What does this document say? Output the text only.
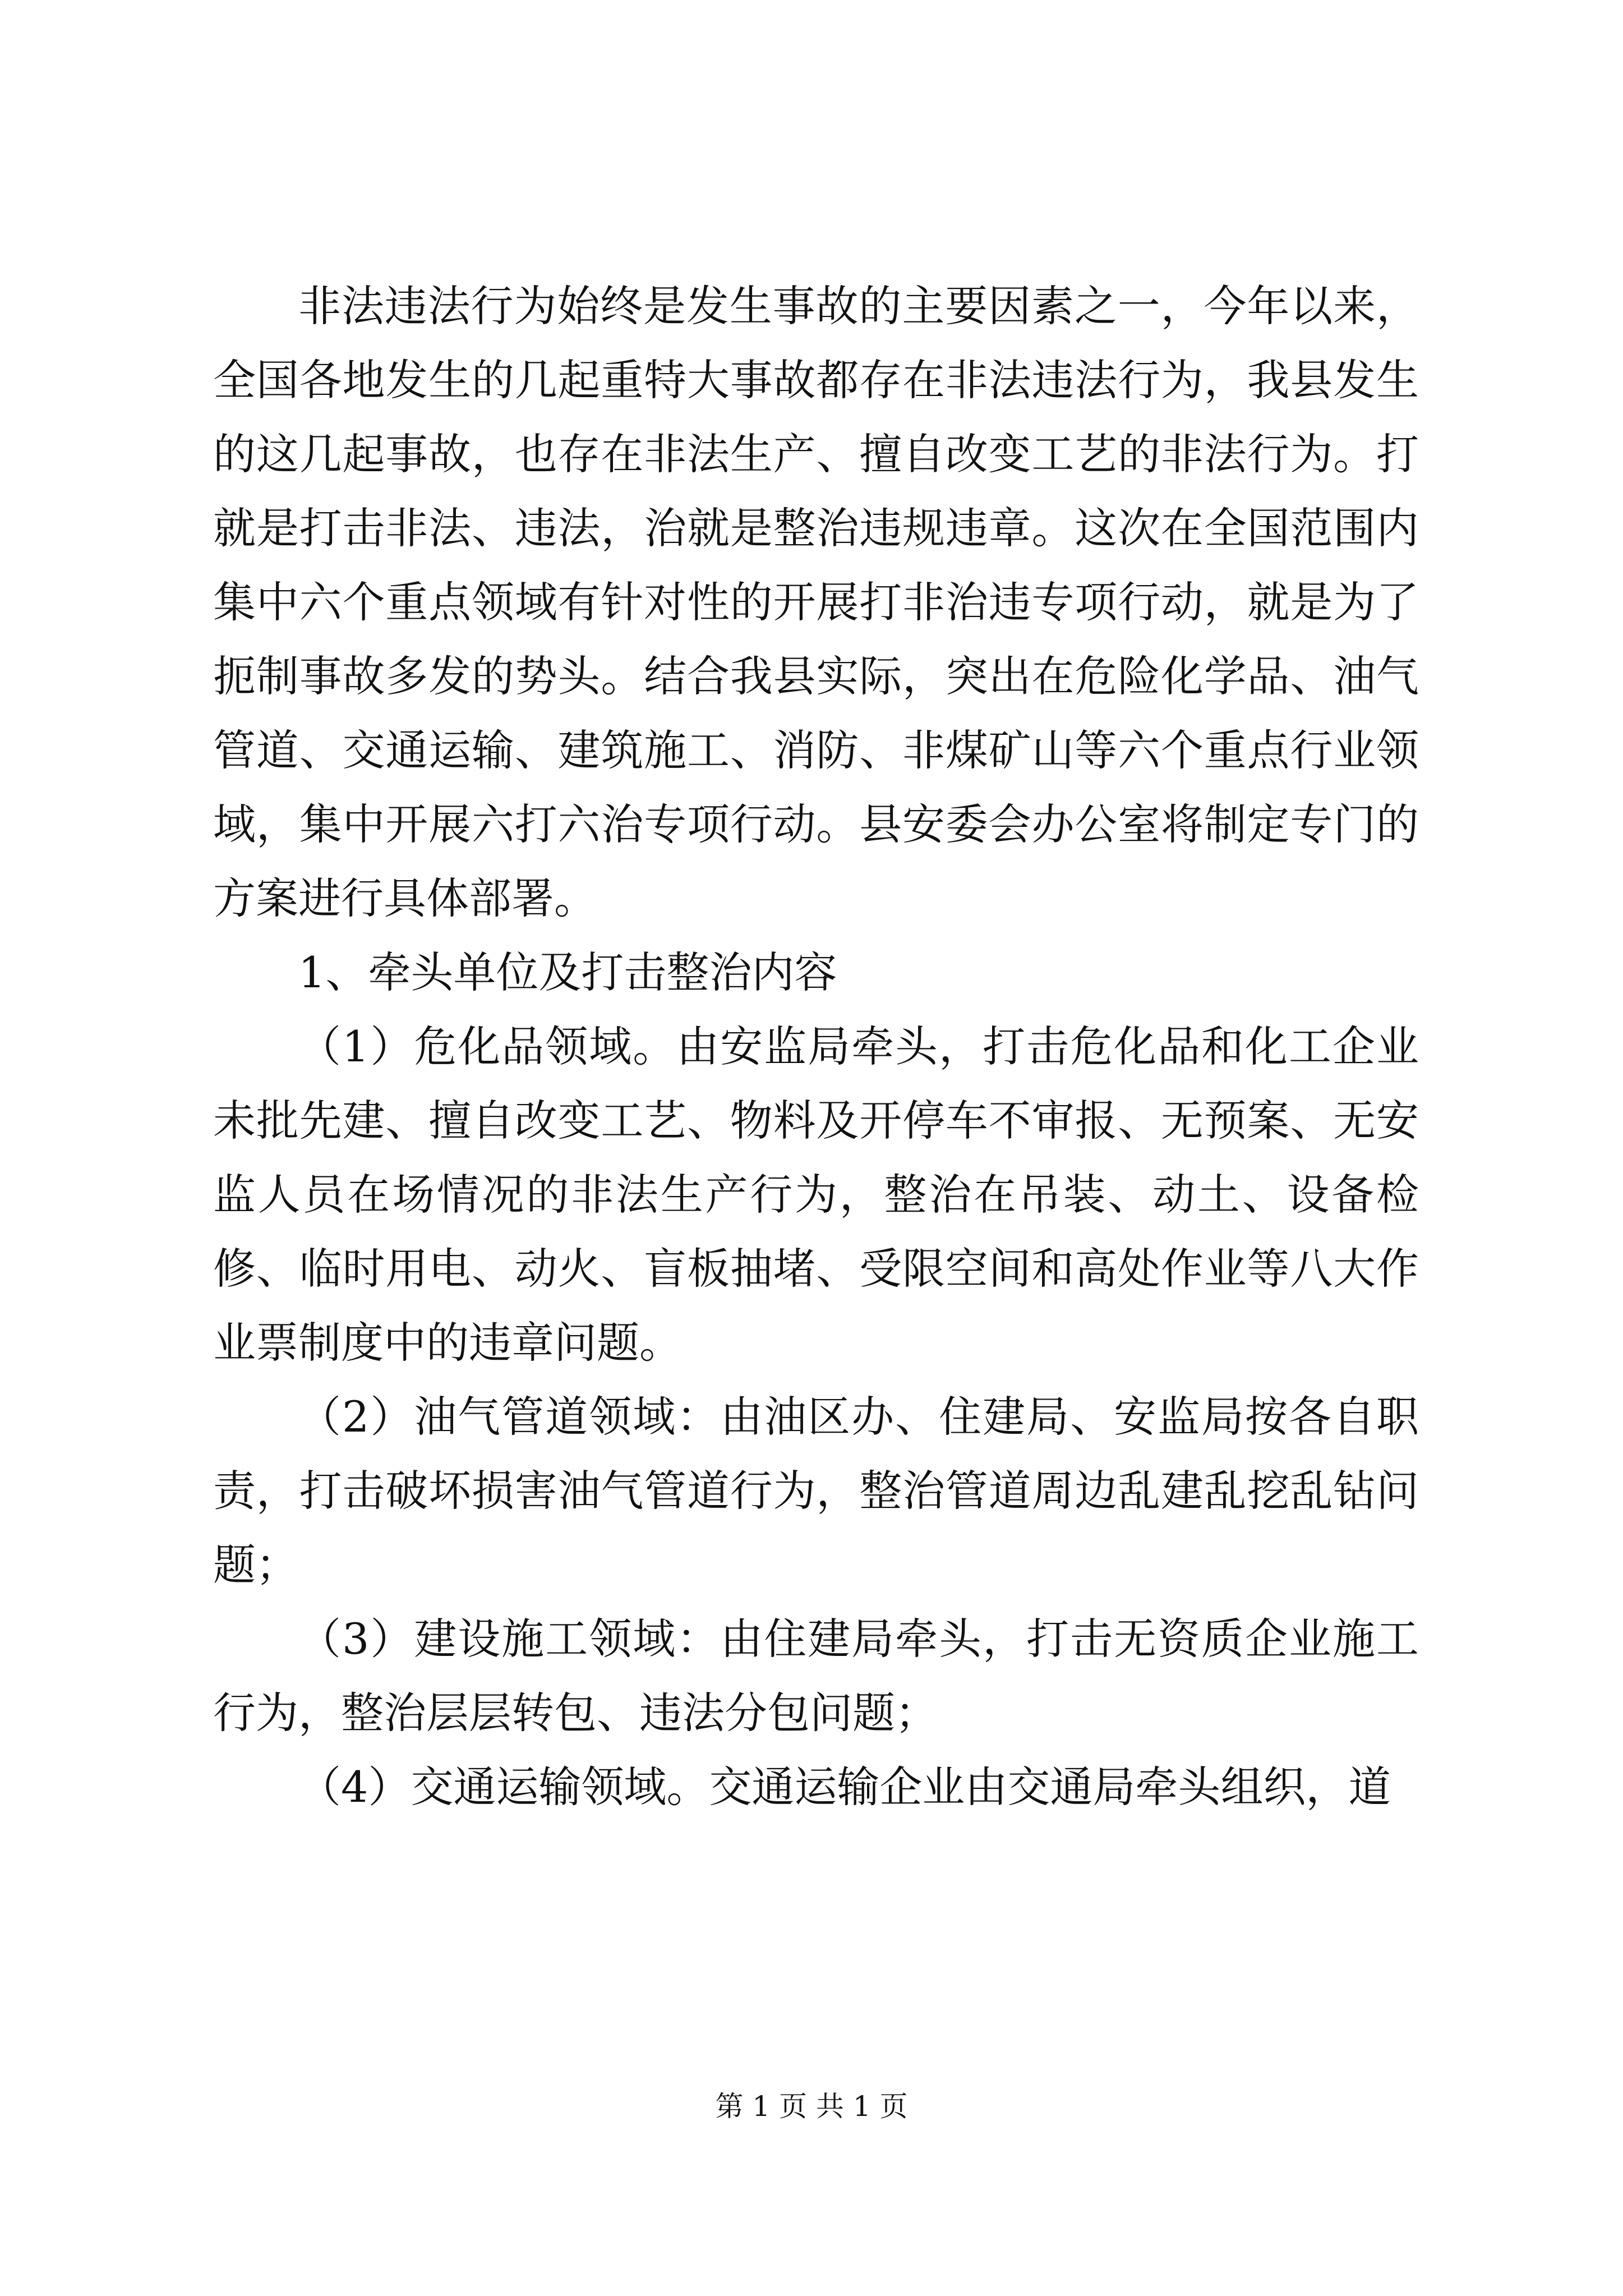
非法违法行为始终是发生事故的主要因素之一，今年以来，全国各地发生的几起重特大事故都存在非法违法行为，我县发生的这几起事故，也存在非法生产、擅自改变工艺的非法行为。打就是打击非法、违法，治就是整治违规违章。这次在全国范围内集中六个重点领域有针对性的开展打非治违专项行动，就是为了扼制事故多发的势头。结合我县实际，突出在危险化学品、油气管道、交通运输、建筑施工、消防、非煤矿山等六个重点行业领域，集中开展六打六治专项行动。县安委会办公室将制定专门的方案进行具体部署。

1、牵头单位及打击整治内容

（1）危化品领域。由安监局牵头，打击危化品和化工企业未批先建、擅自改变工艺、物料及开停车不审报、无预案、无安监人员在场情况的非法生产行为，整治在吊装、动土、设备检修、临时用电、动火、盲板抽堵、受限空间和高处作业等八大作业票制度中的违章问题。

（2）油气管道领域：由油区办、住建局、安监局按各自职责，打击破坏损害油气管道行为，整治管道周边乱建乱挖乱钻问题；

（3）建设施工领域：由住建局牵头，打击无资质企业施工行为，整治层层转包、违法分包问题；

（4）交通运输领域。交通运输企业由交通局牵头组织，道

第 1 页 共 1 页
